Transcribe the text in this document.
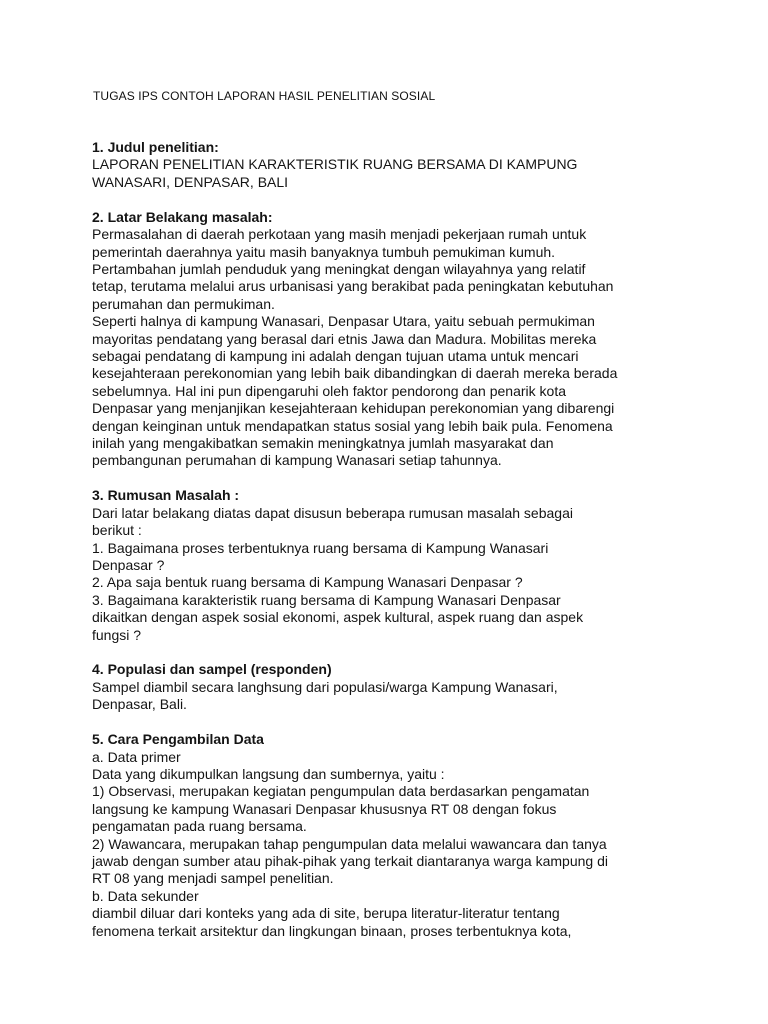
TUGAS IPS CONTOH LAPORAN HASIL PENELITIAN SOSIAL
1. Judul penelitian:
LAPORAN PENELITIAN KARAKTERISTIK RUANG BERSAMA DI KAMPUNG
WANASARI, DENPASAR, BALI
2. Latar Belakang masalah:
Permasalahan di daerah perkotaan yang masih menjadi pekerjaan rumah untuk
pemerintah daerahnya yaitu masih banyaknya tumbuh pemukiman kumuh.
Pertambahan jumlah penduduk yang meningkat dengan wilayahnya yang relatif
tetap, terutama melalui arus urbanisasi yang berakibat pada peningkatan kebutuhan
perumahan dan permukiman.
Seperti halnya di kampung Wanasari, Denpasar Utara, yaitu sebuah permukiman
mayoritas pendatang yang berasal dari etnis Jawa dan Madura. Mobilitas mereka
sebagai pendatang di kampung ini adalah dengan tujuan utama untuk mencari
kesejahteraan perekonomian yang lebih baik dibandingkan di daerah mereka berada
sebelumnya. Hal ini pun dipengaruhi oleh faktor pendorong dan penarik kota
Denpasar yang menjanjikan kesejahteraan kehidupan perekonomian yang dibarengi
dengan keinginan untuk mendapatkan status sosial yang lebih baik pula. Fenomena
inilah yang mengakibatkan semakin meningkatnya jumlah masyarakat dan
pembangunan perumahan di kampung Wanasari setiap tahunnya.
3. Rumusan Masalah :
Dari latar belakang diatas dapat disusun beberapa rumusan masalah sebagai
berikut :
1. Bagaimana proses terbentuknya ruang bersama di Kampung Wanasari
Denpasar ?
2. Apa saja bentuk ruang bersama di Kampung Wanasari Denpasar ?
3. Bagaimana karakteristik ruang bersama di Kampung Wanasari Denpasar
dikaitkan dengan aspek sosial ekonomi, aspek kultural, aspek ruang dan aspek
fungsi ?
4. Populasi dan sampel (responden)
Sampel diambil secara langhsung dari populasi/warga Kampung Wanasari,
Denpasar, Bali.
5. Cara Pengambilan Data
a. Data primer
Data yang dikumpulkan langsung dan sumbernya, yaitu :
1) Observasi, merupakan kegiatan pengumpulan data berdasarkan pengamatan
langsung ke kampung Wanasari Denpasar khususnya RT 08 dengan fokus
pengamatan pada ruang bersama.
2) Wawancara, merupakan tahap pengumpulan data melalui wawancara dan tanya
jawab dengan sumber atau pihak-pihak yang terkait diantaranya warga kampung di
RT 08 yang menjadi sampel penelitian.
b. Data sekunder
diambil diluar dari konteks yang ada di site, berupa literatur-literatur tentang
fenomena terkait arsitektur dan lingkungan binaan, proses terbentuknya kota,
